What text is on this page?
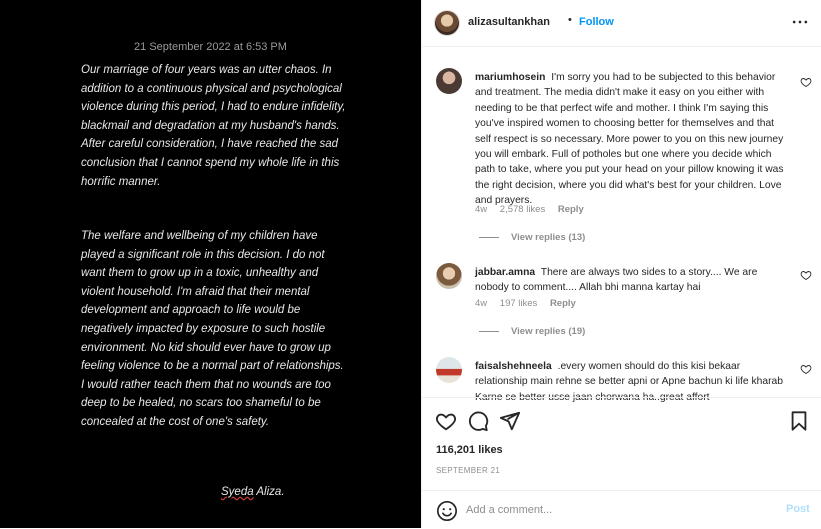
21 September 2022 at 6:53 PM
Our marriage of four years was an utter chaos. In addition to a continuous physical and psychological violence during this period, I had to endure infidelity, blackmail and degradation at my husband's hands. After careful consideration, I have reached the sad conclusion that I cannot spend my whole life in this horrific manner.
The welfare and wellbeing of my children have played a significant role in this decision. I do not want them to grow up in a toxic, unhealthy and violent household. I'm afraid that their mental development and approach to life would be negatively impacted by exposure to such hostile environment. No kid should ever have to grow up feeling violence to be a normal part of relationships. I would rather teach them that no wounds are too deep to be healed, no scars too shameful to be concealed at the cost of one's safety.
Syeda Aliza.
alizasultankhan • Follow
mariumhosein I'm sorry you had to be subjected to this behavior and treatment. The media didn't make it easy on you either with needing to be that perfect wife and mother. I think I'm saying this you've inspired women to choosing better for themselves and that self respect is so necessary. More power to you on this new journey you will embark. Full of potholes but one where you decide which path to take, where you put your head on your pillow knowing it was the right decision, where you did what's best for your children. Love and prayers.
4w 2,578 likes Reply
View replies (13)
jabbar.amna There are always two sides to a story.... We are nobody to comment.... Allah bhi manna kartay hai
4w 197 likes Reply
View replies (19)
faisalshehneela .every women should do this kisi bekaar relationship main rehne se better apni or Apne bachun ki life kharab Karne se better usse jaan chorwana ha..great affort
116,201 likes
SEPTEMBER 21
Add a comment...
Post
